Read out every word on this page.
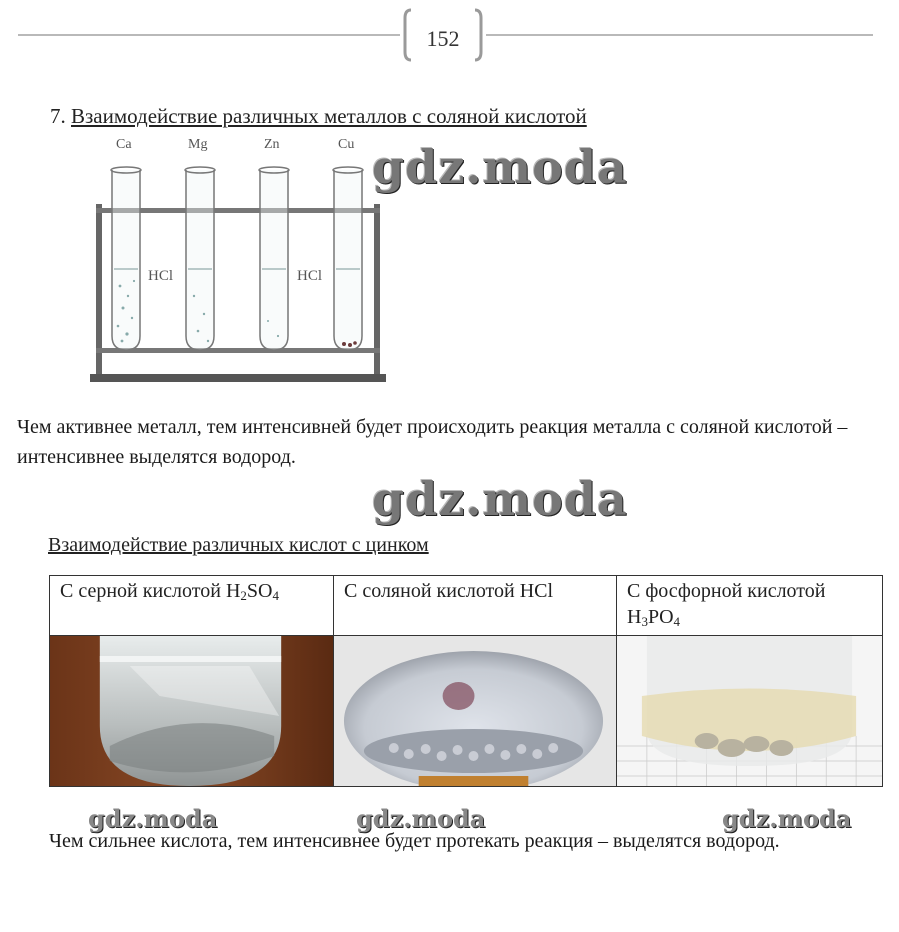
152
7. Взаимодействие различных металлов с соляной кислотой
Ca	Mg	Zn	Cu
HCl	HCl
gdz.moda
Чем активнее металл, тем интенсивней будет происходить реакция металла с соляной кислотой – интенсивнее выделятся водород.
gdz.moda
Взаимодействие различных кислот с цинком
С серной кислотой $H_2SO_4$	С соляной кислотой HCl	С фосфорной кислотой $H_3PO_4$

gdz.moda	gdz.moda	gdz.moda
Чем сильнее кислота, тем интенсивнее будет протекать реакция – выделятся водород.
